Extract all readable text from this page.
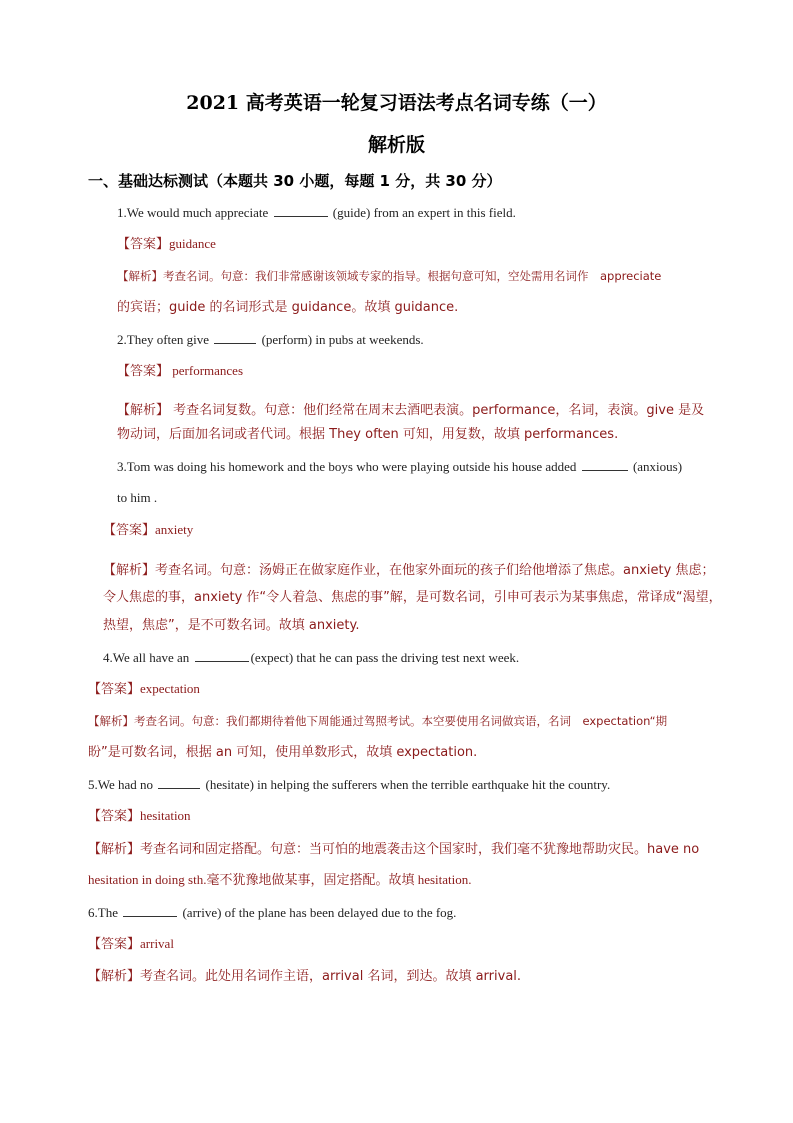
2021 高考英语一轮复习语法考点名词专练（一）
解析版
一、基础达标测试（本题共 30 小题，每题 1 分，共 30 分）
1.We would much appreciate	(guide) from an expert in this field.
【答案】guidance
【解析】考查名词。句意：我们非常感谢该领域专家的指导。根据句意可知，空处需用名词作　appreciate
的宾语；guide 的名词形式是 guidance。故填 guidance.
2.They often give	(perform) in pubs at weekends.
【答案】 performances
【解析】 考查名词复数。句意：他们经常在周末去酒吧表演。performance，名词，表演。give 是及
物动词，后面加名词或者代词。根据 They often 可知，用复数，故填 performances.
3.Tom was doing his homework and the boys who were playing outside his house added	(anxious)
to him .
【答案】anxiety
【解析】考查名词。句意：汤姆正在做家庭作业，在他家外面玩的孩子们给他增添了焦虑。anxiety 焦虑；
令人焦虑的事，anxiety 作“令人着急、焦虑的事”解，是可数名词，引申可表示为某事焦虑，常译成“渴望，
热望，焦虑”，是不可数名词。故填 anxiety.
4.We all have an	(expect) that he can pass the driving test next week.
【答案】expectation
【解析】考查名词。句意：我们都期待着他下周能通过驾照考试。本空要使用名词做宾语，名词　expectation“期
盼”是可数名词，根据 an 可知，使用单数形式，故填 expectation.
5.We had no	(hesitate) in helping the sufferers when the terrible earthquake hit the country.
【答案】hesitation
【解析】考查名词和固定搭配。句意：当可怕的地震袭击这个国家时，我们毫不犹豫地帮助灾民。have no
hesitation in doing sth.毫不犹豫地做某事，固定搭配。故填 hesitation.
6.The	(arrive) of the plane has been delayed due to the fog.
【答案】arrival
【解析】考查名词。此处用名词作主语，arrival 名词，到达。故填 arrival.
